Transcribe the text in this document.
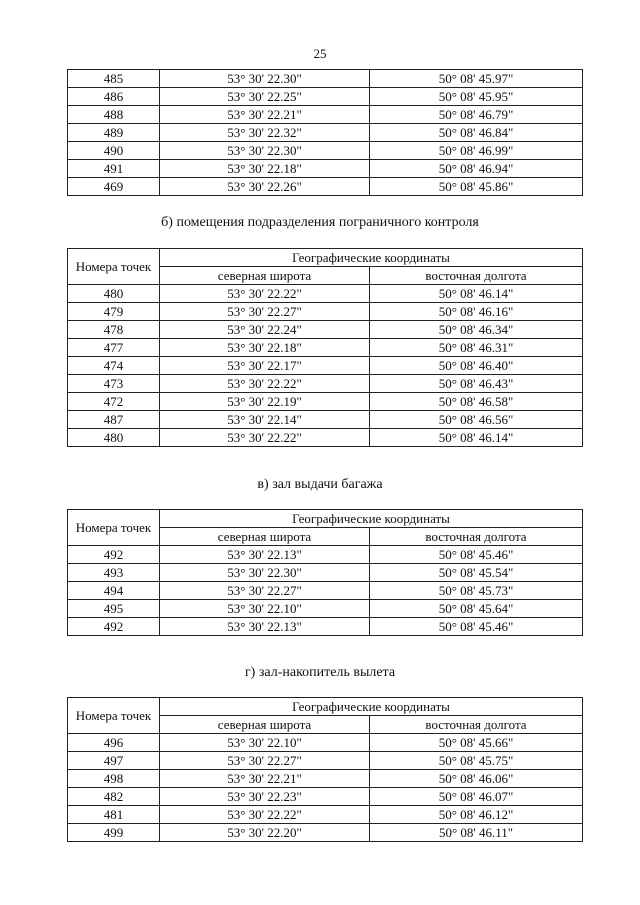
25
485	53° 30' 22.30"	50° 08' 45.97"
486	53° 30' 22.25"	50° 08' 45.95"
488	53° 30' 22.21"	50° 08' 46.79"
489	53° 30' 22.32"	50° 08' 46.84"
490	53° 30' 22.30"	50° 08' 46.99"
491	53° 30' 22.18"	50° 08' 46.94"
469	53° 30' 22.26"	50° 08' 45.86"
б) помещения подразделения пограничного контроля
Номера точек	Географические координаты	
	северная широта	восточная долгота
480	53° 30' 22.22"	50° 08' 46.14"
479	53° 30' 22.27"	50° 08' 46.16"
478	53° 30' 22.24"	50° 08' 46.34"
477	53° 30' 22.18"	50° 08' 46.31"
474	53° 30' 22.17"	50° 08' 46.40"
473	53° 30' 22.22"	50° 08' 46.43"
472	53° 30' 22.19"	50° 08' 46.58"
487	53° 30' 22.14"	50° 08' 46.56"
480	53° 30' 22.22"	50° 08' 46.14"
в) зал выдачи багажа
Номера точек	Географические координаты	
	северная широта	восточная долгота
492	53° 30' 22.13"	50° 08' 45.46"
493	53° 30' 22.30"	50° 08' 45.54"
494	53° 30' 22.27"	50° 08' 45.73"
495	53° 30' 22.10"	50° 08' 45.64"
492	53° 30' 22.13"	50° 08' 45.46"
г) зал-накопитель вылета
Номера точек	Географические координаты	
	северная широта	восточная долгота
496	53° 30' 22.10"	50° 08' 45.66"
497	53° 30' 22.27"	50° 08' 45.75"
498	53° 30' 22.21"	50° 08' 46.06"
482	53° 30' 22.23"	50° 08' 46.07"
481	53° 30' 22.22"	50° 08' 46.12"
499	53° 30' 22.20"	50° 08' 46.11"
